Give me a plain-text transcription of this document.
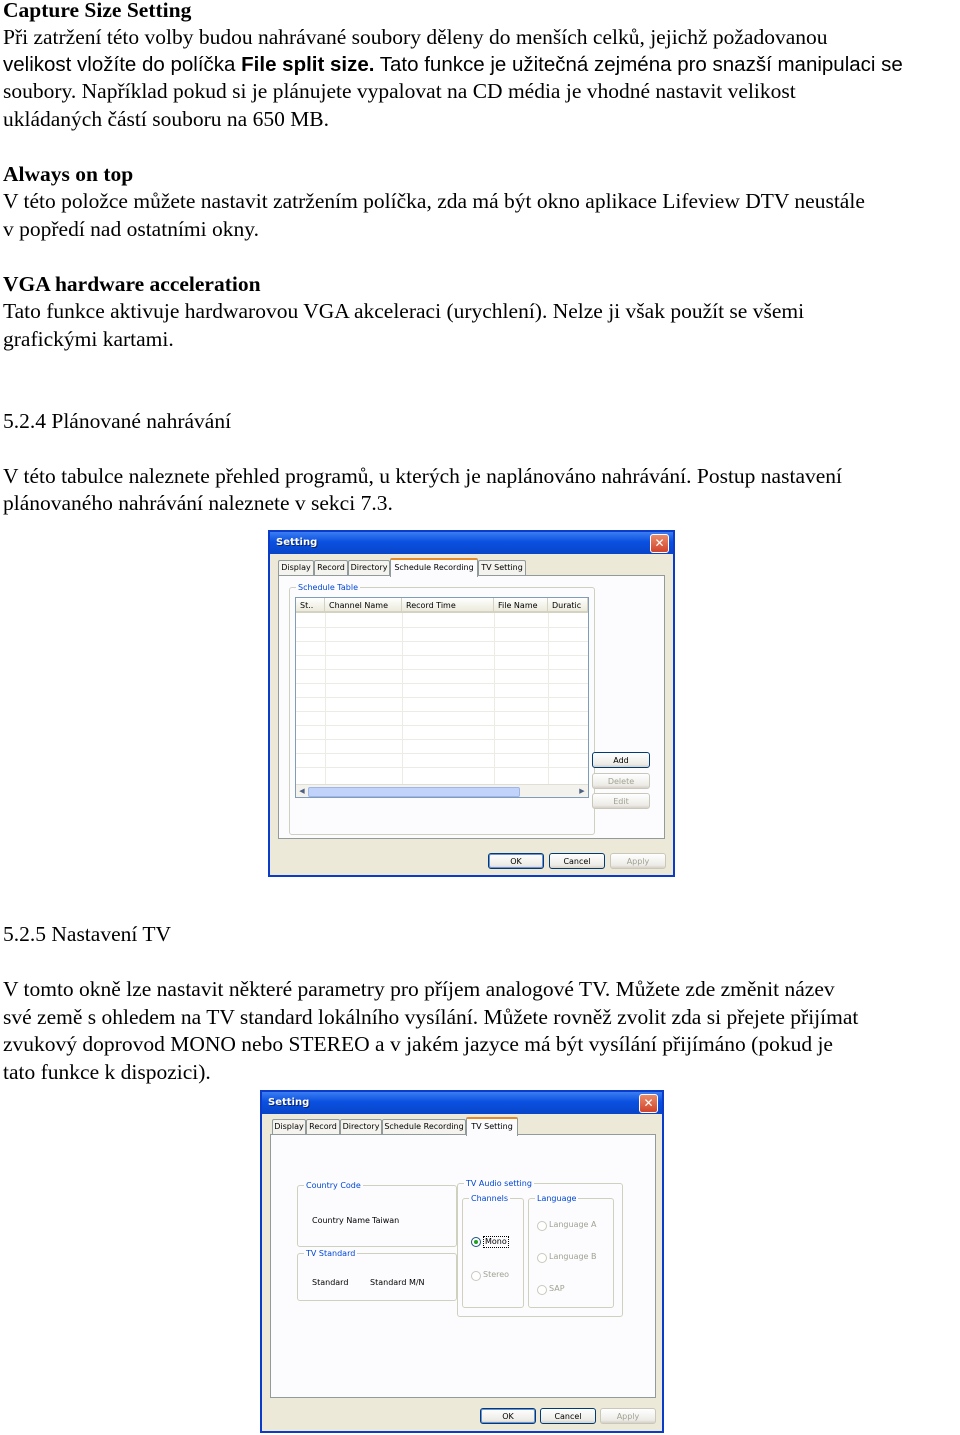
Capture Size Setting
Při zatržení této volby budou nahrávané soubory děleny do menších celků, jejichž požadovanou
velikost vložíte do políčka File split size. Tato funkce je užitečná zejména pro snazší manipulaci se
soubory. Například pokud si je plánujete vypalovat na CD média je vhodné nastavit velikost
ukládaných částí souboru na 650 MB.
Always on top
V této položce můžete nastavit zatržením políčka, zda má být okno aplikace Lifeview DTV neustále
v popředí nad ostatními okny.
VGA hardware acceleration
Tato funkce aktivuje hardwarovou VGA akceleraci (urychlení). Nelze ji však použít se všemi
grafickými kartami.
5.2.4 Plánované nahrávání
V této tabulce naleznete přehled programů, u kterých je naplánováno nahrávání. Postup nastavení
plánovaného nahrávání naleznete v sekci 7.3.
Setting	✕
Display Record Directory Schedule Recording TV Setting
Schedule Table
St..	Channel Name	Record Time	File Name	Duratic
◀	▶
Add
Delete
Edit
OK	Cancel	Apply
5.2.5 Nastavení TV
V tomto okně lze nastavit některé parametry pro příjem analogové TV. Můžete zde změnit název
své země s ohledem na TV standard lokálního vysílání. Můžete rovněž zvolit zda si přejete přijímat
zvukový doprovod MONO nebo STEREO a v jakém jazyce má být vysílání přijímáno (pokud je
tato funkce k dispozici).
Setting	✕
Display Record Directory Schedule Recording TV Setting
Country Code
Country Name Taiwan
TV Standard
Standard	Standard M/N
TV Audio setting
Channels
Mono
Stereo
Language
Language A
Language B
SAP
OK	Cancel	Apply
